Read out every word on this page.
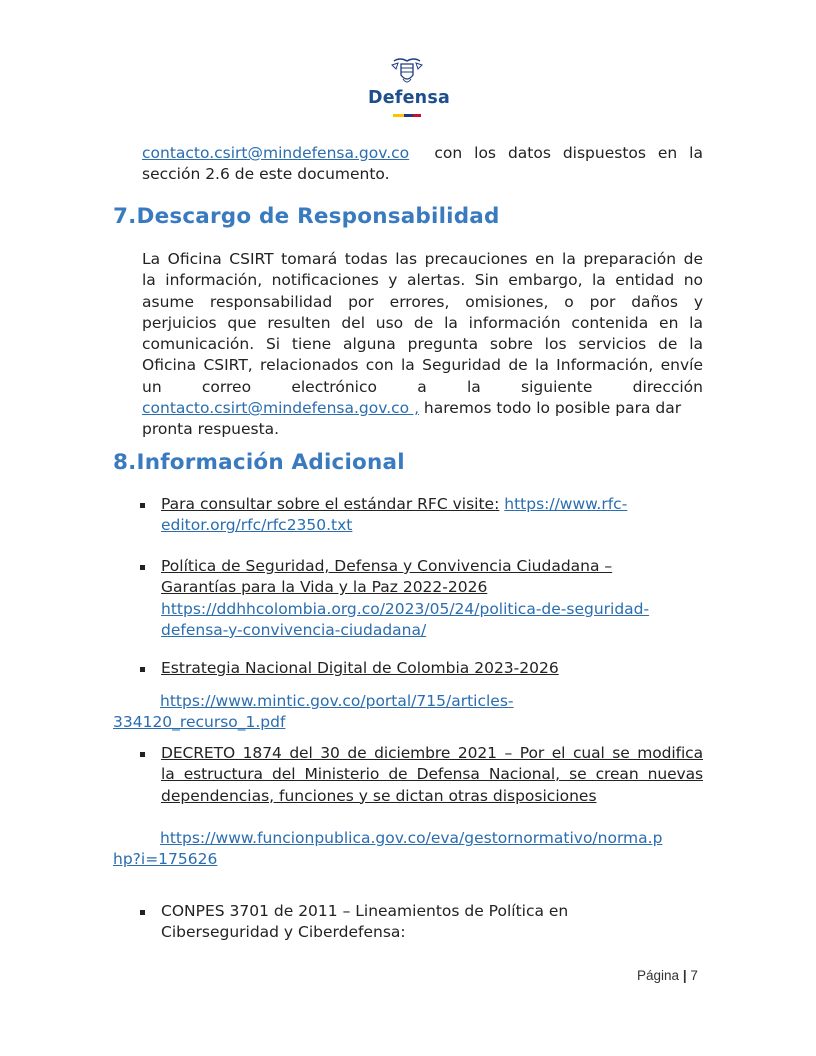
Defensa
contacto.csirt@mindefensa.gov.co con los datos dispuestos en la
sección 2.6 de este documento.
7.Descargo de Responsabilidad
La Oficina CSIRT tomará todas las precauciones en la preparación de
la información, notificaciones y alertas. Sin embargo, la entidad no
asume responsabilidad por errores, omisiones, o por daños y
perjuicios que resulten del uso de la información contenida en la
comunicación. Si tiene alguna pregunta sobre los servicios de la
Oficina CSIRT, relacionados con la Seguridad de la Información, envíe
un correo electrónico a la siguiente dirección
contacto.csirt@mindefensa.gov.co , haremos todo lo posible para dar
pronta respuesta.
8.Información Adicional
Para consultar sobre el estándar RFC visite: https://www.rfc-
editor.org/rfc/rfc2350.txt
Política de Seguridad, Defensa y Convivencia Ciudadana –
Garantías para la Vida y la Paz 2022-2026
https://ddhhcolombia.org.co/2023/05/24/politica-de-seguridad-
defensa-y-convivencia-ciudadana/
Estrategia Nacional Digital de Colombia 2023-2026
https://www.mintic.gov.co/portal/715/articles-
334120_recurso_1.pdf
DECRETO 1874 del 30 de diciembre 2021 – Por el cual se modifica
la estructura del Ministerio de Defensa Nacional, se crean nuevas
dependencias, funciones y se dictan otras disposiciones
https://www.funcionpublica.gov.co/eva/gestornormativo/norma.p
hp?i=175626
CONPES 3701 de 2011 – Lineamientos de Política en
Ciberseguridad y Ciberdefensa:
Página | 7
